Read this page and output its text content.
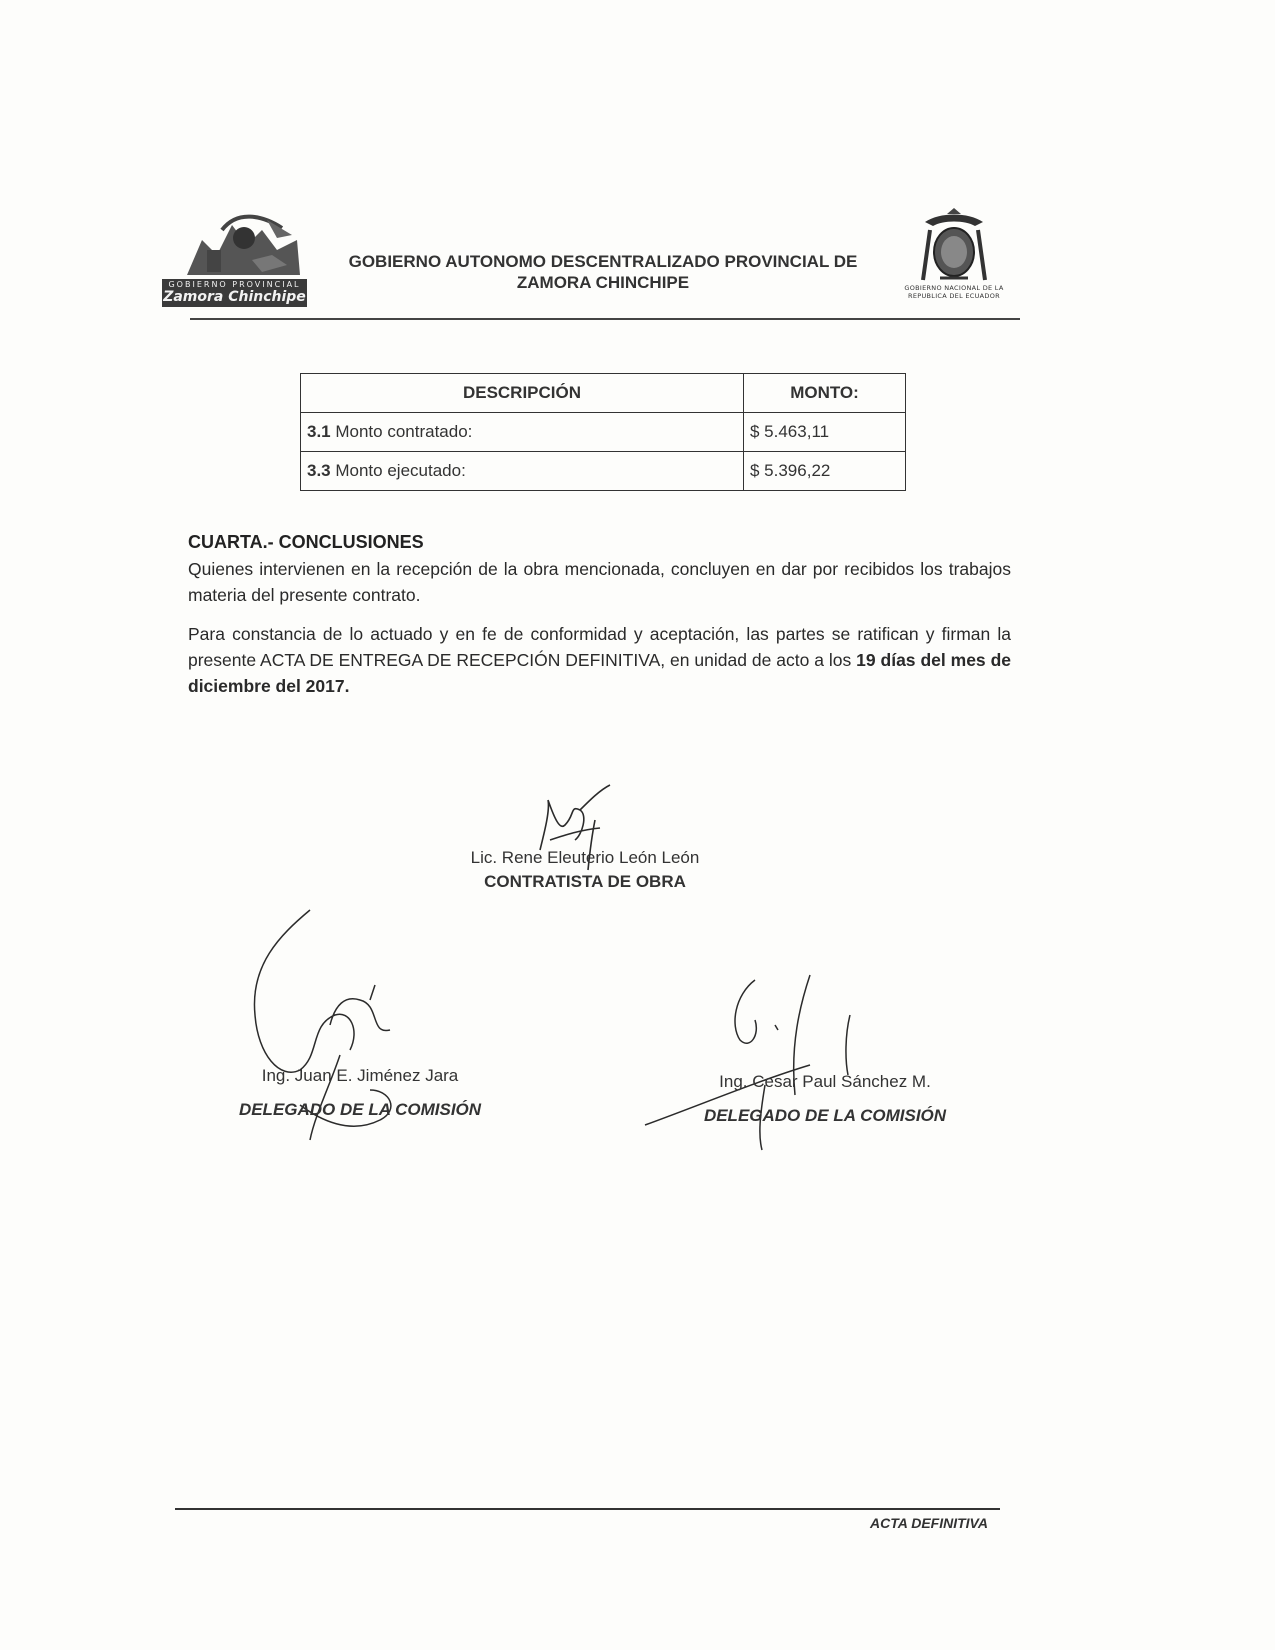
GOBIERNO PROVINCIAL
Zamora Chinchipe
GOBIERNO AUTONOMO DESCENTRALIZADO PROVINCIAL DE
ZAMORA CHINCHIPE	GOBIERNO NACIONAL DE LA
REPUBLICA DEL ECUADOR
DESCRIPCIÓN	MONTO:
3.1 Monto contratado:	$ 5.463,11
3.3 Monto ejecutado:	$ 5.396,22
CUARTA.- CONCLUSIONES
Quienes intervienen en la recepción de la obra mencionada, concluyen en dar por recibidos los trabajos materia del presente contrato.
Para constancia de lo actuado y en fe de conformidad y aceptación, las partes se ratifican y firman la presente ACTA DE ENTREGA DE RECEPCIÓN DEFINITIVA, en unidad de acto a los 19 días del mes de diciembre del 2017.
Lic. Rene Eleuterio León León
CONTRATISTA DE OBRA
Ing. Juan E. Jiménez Jara
DELEGADO DE LA COMISIÓN
Ing. Cesar Paul Sánchez M.
DELEGADO DE LA COMISIÓN
ACTA DEFINITIVA
